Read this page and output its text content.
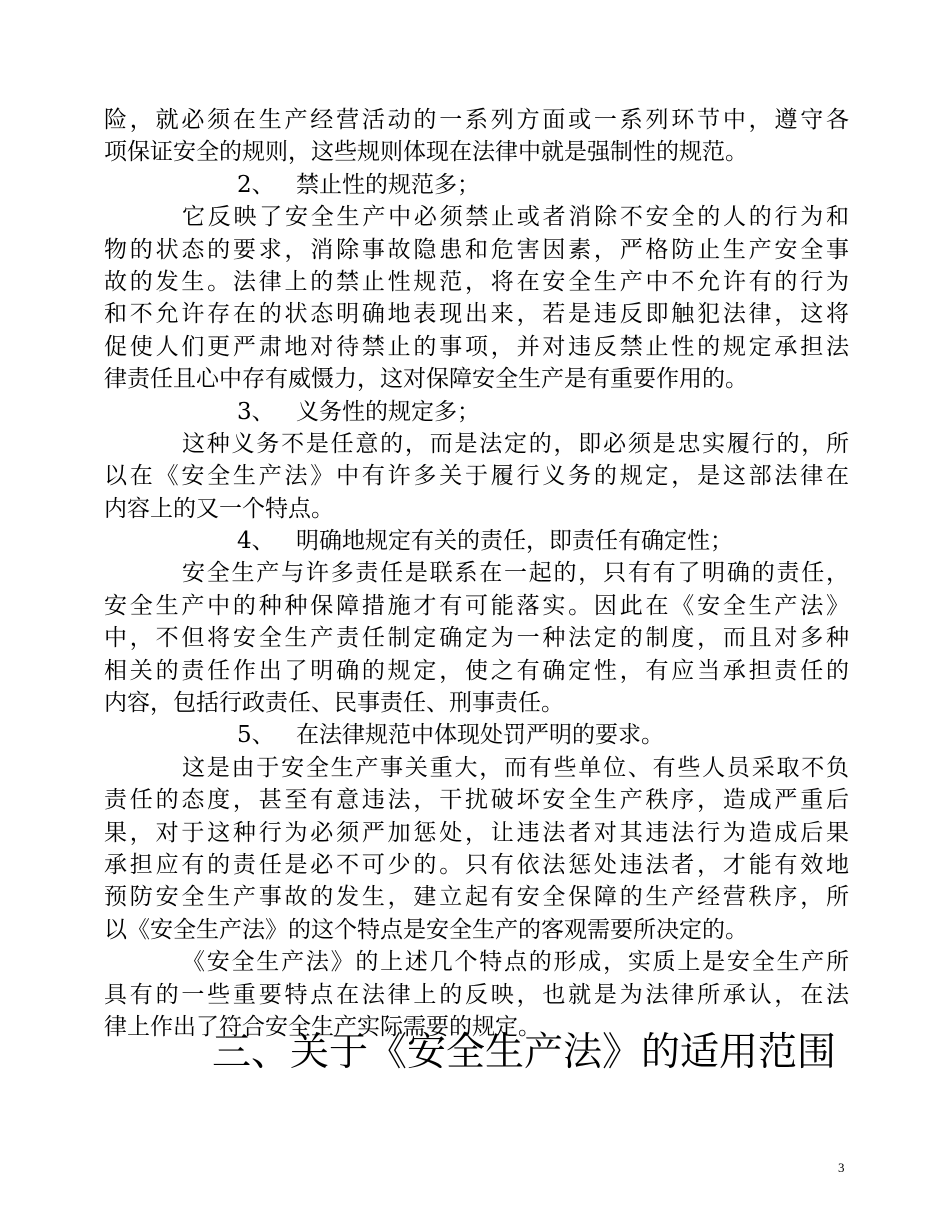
险，就必须在生产经营活动的一系列方面或一系列环节中，遵守各
项保证安全的规则，这些规则体现在法律中就是强制性的规范。
2、 禁止性的规范多；
它反映了安全生产中必须禁止或者消除不安全的人的行为和
物的状态的要求，消除事故隐患和危害因素，严格防止生产安全事
故的发生。法律上的禁止性规范，将在安全生产中不允许有的行为
和不允许存在的状态明确地表现出来，若是违反即触犯法律，这将
促使人们更严肃地对待禁止的事项，并对违反禁止性的规定承担法
律责任且心中存有威慑力，这对保障安全生产是有重要作用的。
3、 义务性的规定多；
这种义务不是任意的，而是法定的，即必须是忠实履行的，所
以在《安全生产法》中有许多关于履行义务的规定，是这部法律在
内容上的又一个特点。
4、 明确地规定有关的责任，即责任有确定性；
安全生产与许多责任是联系在一起的，只有有了明确的责任，
安全生产中的种种保障措施才有可能落实。因此在《安全生产法》
中，不但将安全生产责任制定确定为一种法定的制度，而且对多种
相关的责任作出了明确的规定，使之有确定性，有应当承担责任的
内容，包括行政责任、民事责任、刑事责任。
5、 在法律规范中体现处罚严明的要求。
这是由于安全生产事关重大，而有些单位、有些人员采取不负
责任的态度，甚至有意违法，干扰破坏安全生产秩序，造成严重后
果，对于这种行为必须严加惩处，让违法者对其违法行为造成后果
承担应有的责任是必不可少的。只有依法惩处违法者，才能有效地
预防安全生产事故的发生，建立起有安全保障的生产经营秩序，所
以《安全生产法》的这个特点是安全生产的客观需要所决定的。
《安全生产法》的上述几个特点的形成，实质上是安全生产所
具有的一些重要特点在法律上的反映，也就是为法律所承认，在法
律上作出了符合安全生产实际需要的规定。
三、关于《安全生产法》的适用范围
3
